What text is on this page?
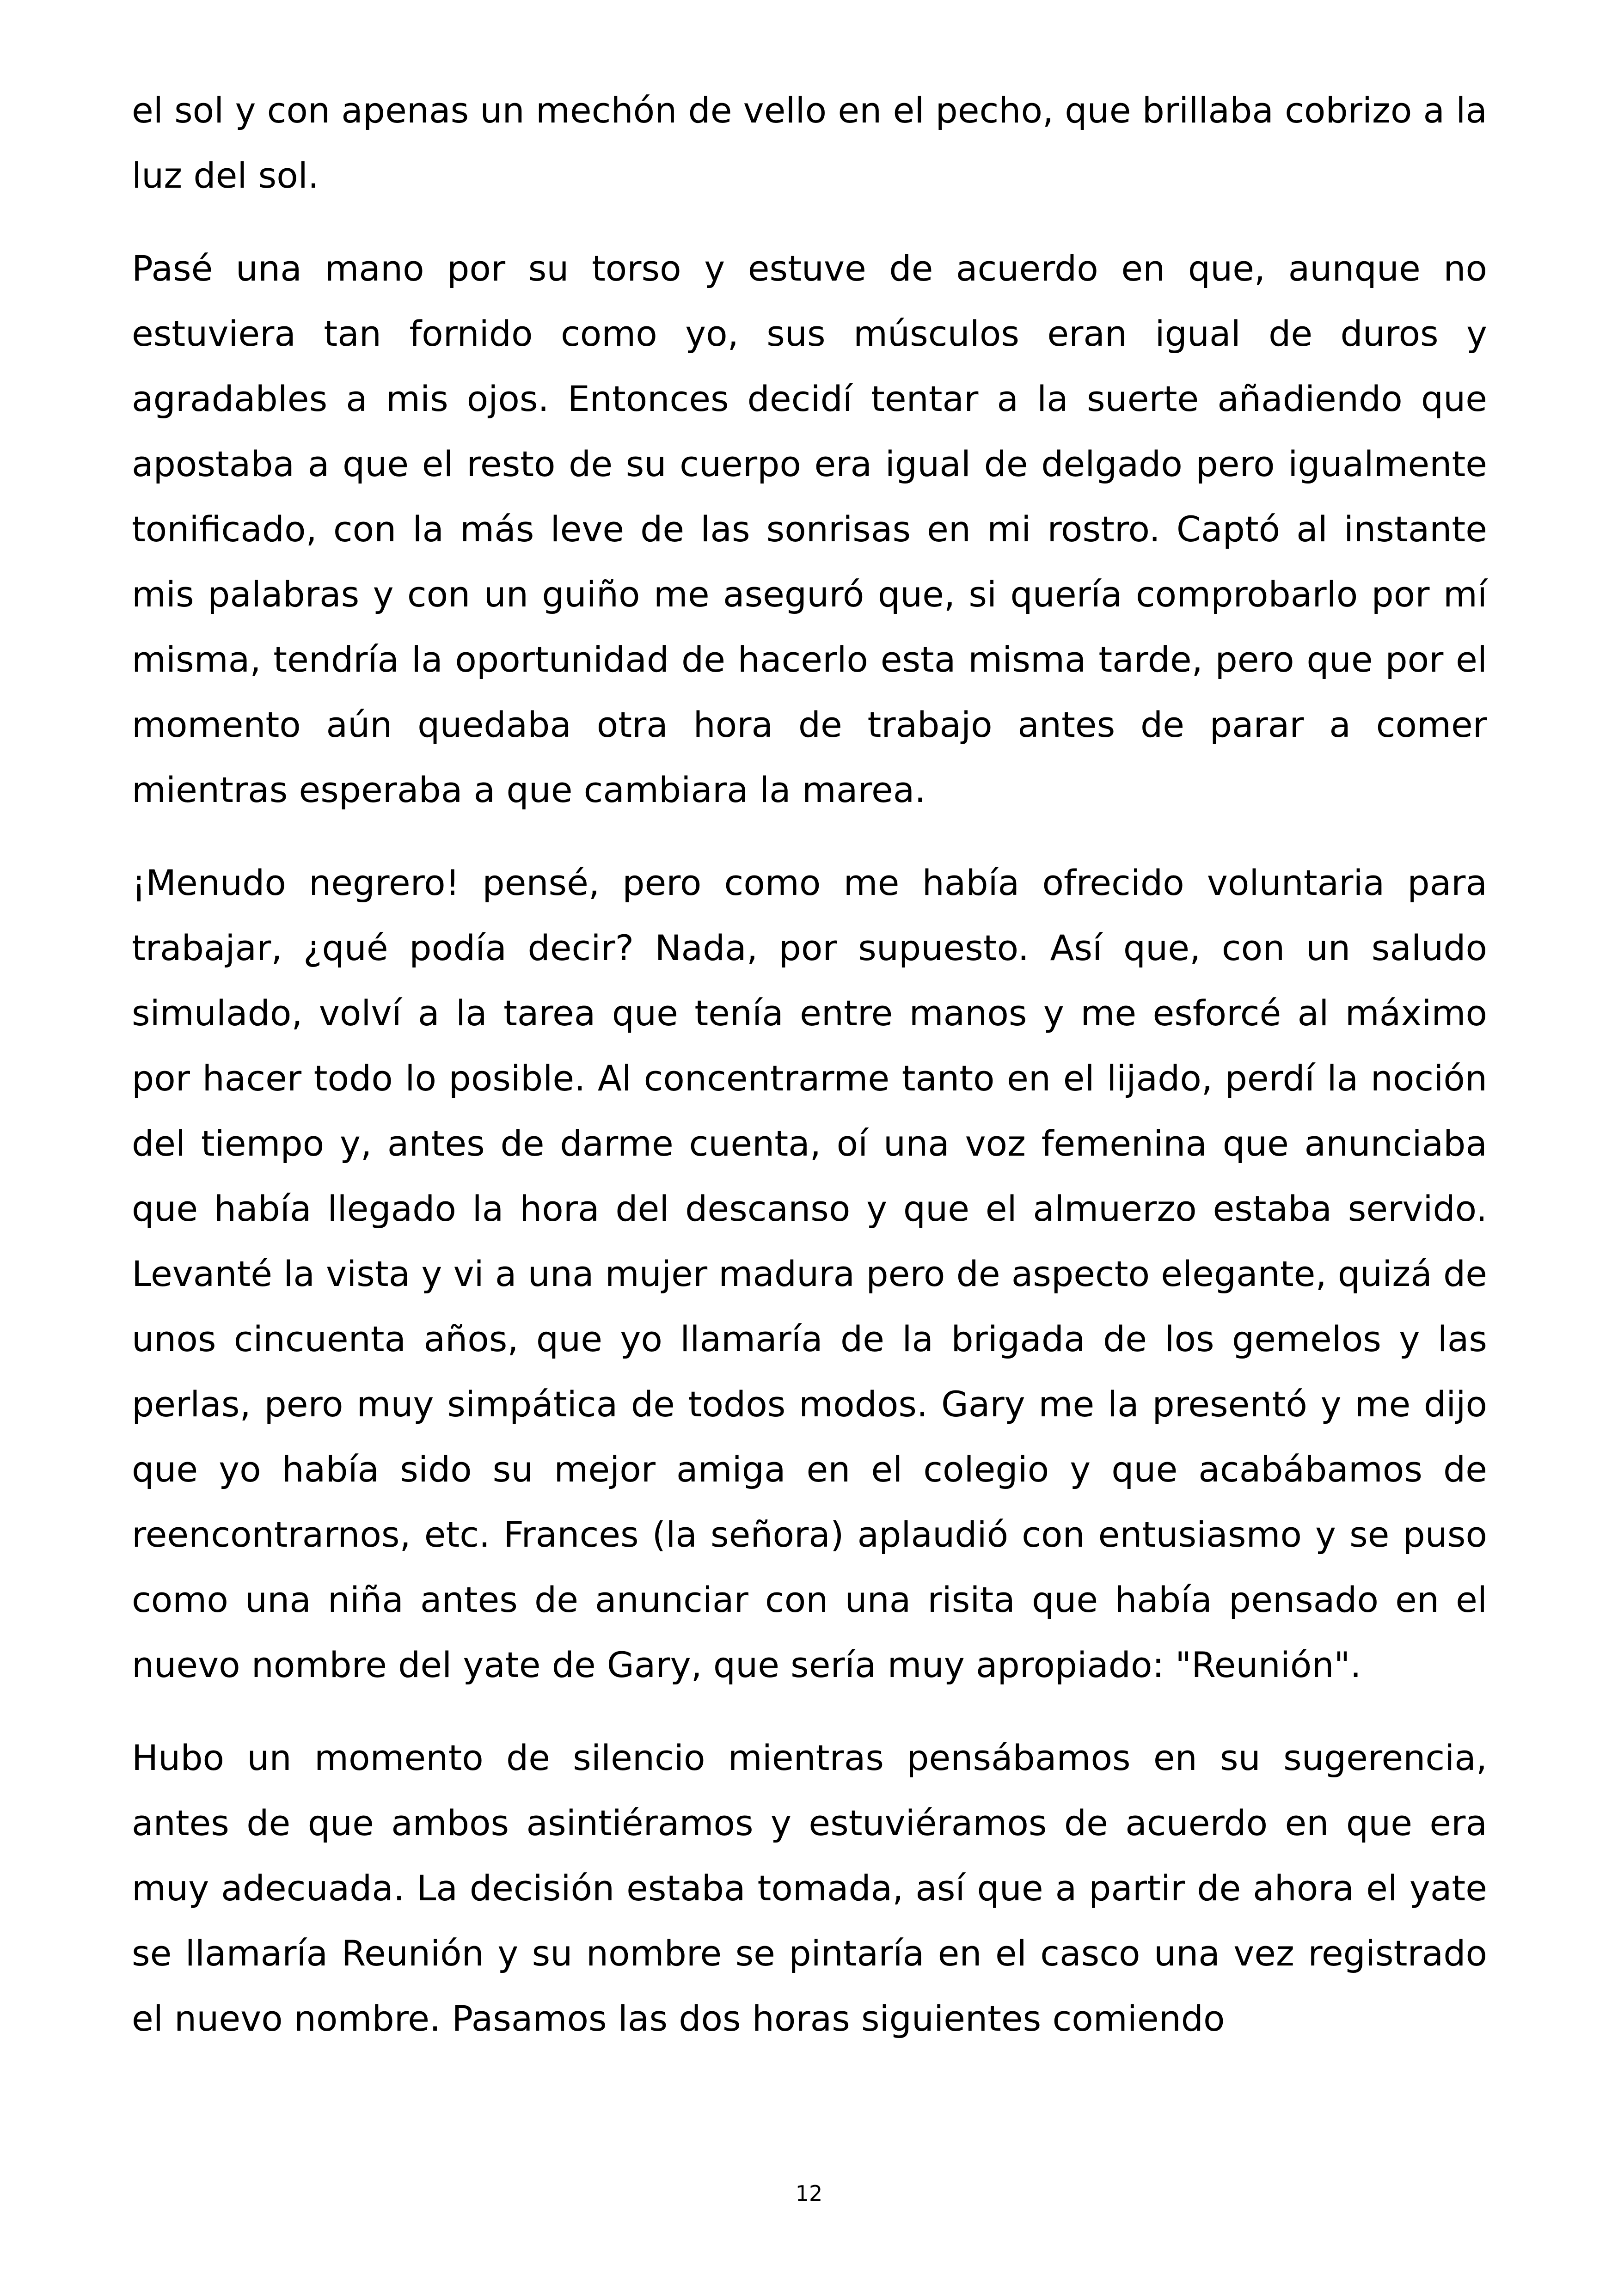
el sol y con apenas un mechón de vello en el pecho, que brillaba cobrizo a la luz del sol.

Pasé una mano por su torso y estuve de acuerdo en que, aunque no estuviera tan fornido como yo, sus músculos eran igual de duros y agradables a mis ojos. Entonces decidí tentar a la suerte añadiendo que apostaba a que el resto de su cuerpo era igual de delgado pero igualmente tonificado, con la más leve de las sonrisas en mi rostro. Captó al instante mis palabras y con un guiño me aseguró que, si quería comprobarlo por mí misma, tendría la oportunidad de hacerlo esta misma tarde, pero que por el momento aún quedaba otra hora de trabajo antes de parar a comer mientras esperaba a que cambiara la marea.

¡Menudo negrero! pensé, pero como me había ofrecido voluntaria para trabajar, ¿qué podía decir? Nada, por supuesto. Así que, con un saludo simulado, volví a la tarea que tenía entre manos y me esforcé al máximo por hacer todo lo posible. Al concentrarme tanto en el lijado, perdí la noción del tiempo y, antes de darme cuenta, oí una voz femenina que anunciaba que había llegado la hora del descanso y que el almuerzo estaba servido. Levanté la vista y vi a una mujer madura pero de aspecto elegante, quizá de unos cincuenta años, que yo llamaría de la brigada de los gemelos y las perlas, pero muy simpática de todos modos. Gary me la presentó y me dijo que yo había sido su mejor amiga en el colegio y que acabábamos de reencontrarnos, etc. Frances (la señora) aplaudió con entusiasmo y se puso como una niña antes de anunciar con una risita que había pensado en el nuevo nombre del yate de Gary, que sería muy apropiado: "Reunión".

Hubo un momento de silencio mientras pensábamos en su sugerencia, antes de que ambos asintiéramos y estuviéramos de acuerdo en que era muy adecuada. La decisión estaba tomada, así que a partir de ahora el yate se llamaría Reunión y su nombre se pintaría en el casco una vez registrado el nuevo nombre. Pasamos las dos horas siguientes comiendo

12
